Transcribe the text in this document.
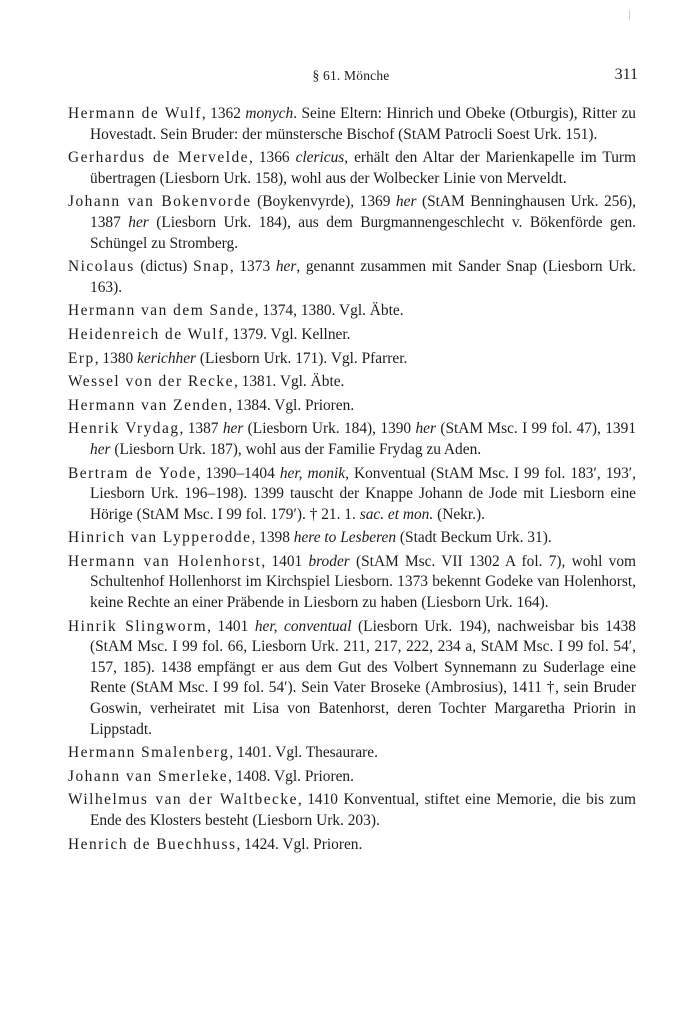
§ 61. Mönche	311

Hermann de Wulf, 1362 monych. Seine Eltern: Hinrich und Obeke (Otburgis), Ritter zu Hovestadt. Sein Bruder: der münstersche Bischof (StAM Patrocli Soest Urk. 151).

Gerhardus de Mervelde, 1366 clericus, erhält den Altar der Marienkapelle im Turm übertragen (Liesborn Urk. 158), wohl aus der Wolbecker Linie von Merveldt.

Johann van Bokenvorde (Boykenvyrde), 1369 her (StAM Benninghausen Urk. 256), 1387 her (Liesborn Urk. 184), aus dem Burgmannengeschlecht v. Bökenförde gen. Schüngel zu Stromberg.

Nicolaus (dictus) Snap, 1373 her, genannt zusammen mit Sander Snap (Liesborn Urk. 163).

Hermann van dem Sande, 1374, 1380. Vgl. Äbte.

Heidenreich de Wulf, 1379. Vgl. Kellner.

Erp, 1380 kerichher (Liesborn Urk. 171). Vgl. Pfarrer.

Wessel von der Recke, 1381. Vgl. Äbte.

Hermann van Zenden, 1384. Vgl. Prioren.

Henrik Vrydag, 1387 her (Liesborn Urk. 184), 1390 her (StAM Msc. I 99 fol. 47), 1391 her (Liesborn Urk. 187), wohl aus der Familie Frydag zu Aden.

Bertram de Yode, 1390–1404 her, monik, Konventual (StAM Msc. I 99 fol. 183′, 193′, Liesborn Urk. 196–198). 1399 tauscht der Knappe Johann de Jode mit Liesborn eine Hörige (StAM Msc. I 99 fol. 179′). † 21. 1. sac. et mon. (Nekr.).

Hinrich van Lypperodde, 1398 here to Lesberen (Stadt Beckum Urk. 31).

Hermann van Holenhorst, 1401 broder (StAM Msc. VII 1302 A fol. 7), wohl vom Schultenhof Hollenhorst im Kirchspiel Liesborn. 1373 bekennt Godeke van Holenhorst, keine Rechte an einer Präbende in Liesborn zu haben (Liesborn Urk. 164).

Hinrik Slingworm, 1401 her, conventual (Liesborn Urk. 194), nachweisbar bis 1438 (StAM Msc. I 99 fol. 66, Liesborn Urk. 211, 217, 222, 234 a, StAM Msc. I 99 fol. 54′, 157, 185). 1438 empfängt er aus dem Gut des Volbert Synnemann zu Suderlage eine Rente (StAM Msc. I 99 fol. 54′). Sein Vater Broseke (Ambrosius), 1411 †, sein Bruder Goswin, verheiratet mit Lisa von Batenhorst, deren Tochter Margaretha Priorin in Lippstadt.

Hermann Smalenberg, 1401. Vgl. Thesaurare.

Johann van Smerleke, 1408. Vgl. Prioren.

Wilhelmus van der Waltbecke, 1410 Konventual, stiftet eine Memorie, die bis zum Ende des Klosters besteht (Liesborn Urk. 203).

Henrich de Buechhuss, 1424. Vgl. Prioren.
